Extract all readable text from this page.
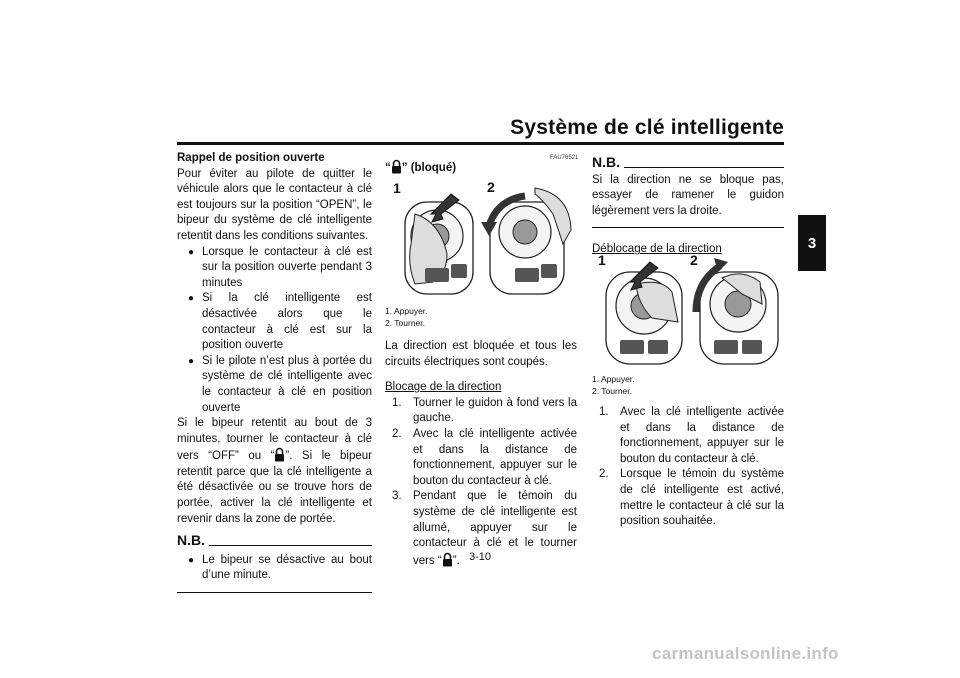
Système de clé intelligente
3

Rappel de position ouverte

Pour éviter au pilote de quitter le véhicule alors que le contacteur à clé est toujours sur la position “OPEN”, le bipeur du système de clé intelligente retentit dans les conditions suivantes.

● Lorsque le contacteur à clé est sur la position ouverte pendant 3 minutes
● Si la clé intelligente est désactivée alors que le contacteur à clé est sur la position ouverte
● Si le pilote n’est plus à portée du système de clé intelligente avec le contacteur à clé en position ouverte

Si le bipeur retentit au bout de 3 minutes, tourner le contacteur à clé vers “OFF” ou “ ”. Si le bipeur retentit parce que la clé intelligente a été désactivée ou se trouve hors de portée, activer la clé intelligente et revenir dans la zone de portée.

N.B.
● Le bipeur se désactive au bout d’une minute.
FAU76521
“ ” (bloqué)
1	2
1. Appuyer.
2. Tourner.

La direction est bloquée et tous les circuits électriques sont coupés.

Blocage de la direction

1. Tourner le guidon à fond vers la gauche.
2. Avec la clé intelligente activée et dans la distance de fonctionnement, appuyer sur le bouton du contacteur à clé.
3. Pendant que le témoin du système de clé intelligente est allumé, appuyer sur le contacteur à clé et le tourner vers “ ”.
N.B.

Si la direction ne se bloque pas, essayer de ramener le guidon légèrement vers la droite.

Déblocage de la direction

1	2
1. Appuyer.
2. Tourner.
1. Avec la clé intelligente activée et dans la distance de fonctionnement, appuyer sur le bouton du contacteur à clé.
2. Lorsque le témoin du système de clé intelligente est activé, mettre le contacteur à clé sur la position souhaitée.
3-10
carmanualsonline.info
